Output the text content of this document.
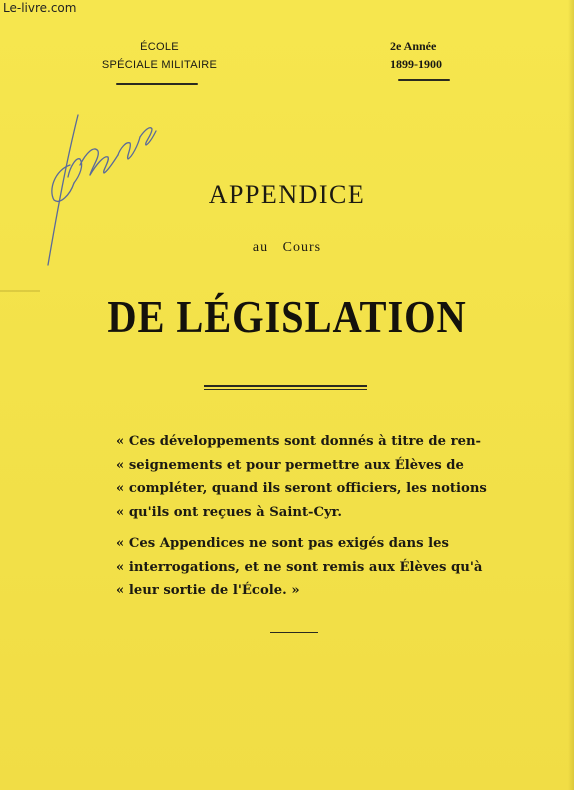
Le-livre.com
ÉCOLE
SPÉCIALE MILITAIRE
2e Année
1899-1900
APPENDICE
au Cours
DE LÉGISLATION
« Ces développements sont donnés à titre de ren-
« seignements et pour permettre aux Élèves de
« compléter, quand ils seront officiers, les notions
« qu'ils ont reçues à Saint-Cyr.
« Ces Appendices ne sont pas exigés dans les
« interrogations, et ne sont remis aux Élèves qu'à
« leur sortie de l'École. »
